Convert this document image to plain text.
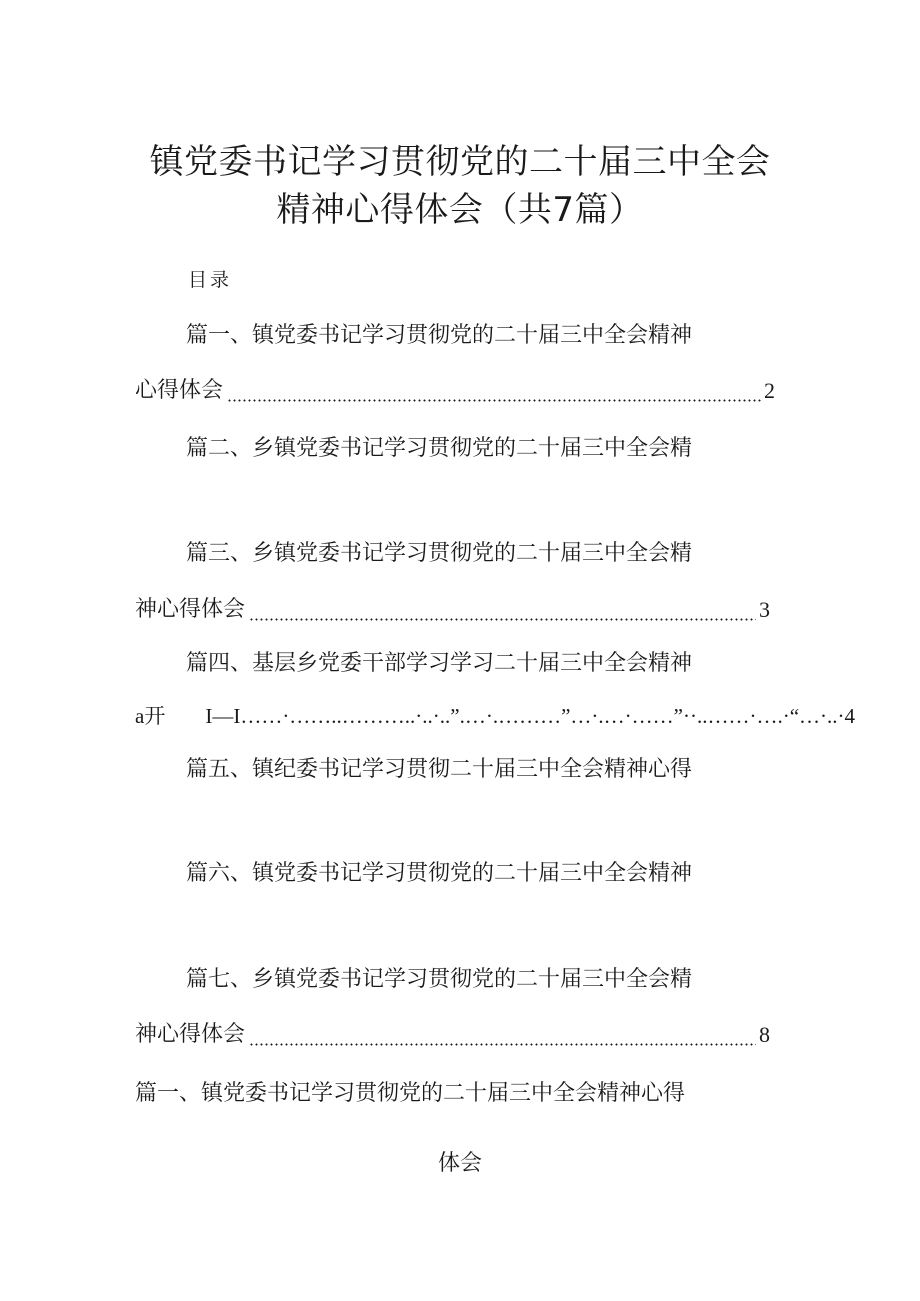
镇党委书记学习贯彻党的二十届三中全会
精神心得体会（共7篇）
目录
篇一、镇党委书记学习贯彻党的二十届三中全会精神
心得体会	2
篇二、乡镇党委书记学习贯彻党的二十届三中全会精
篇三、乡镇党委书记学习贯彻党的二十届三中全会精
神心得体会	3
篇四、基层乡党委干部学习学习二十届三中全会精神
a开 I—I……·……..………..·..·..”.…·.………”…·.…·……”··..……·….·“…·..· 4
篇五、镇纪委书记学习贯彻二十届三中全会精神心得
篇六、镇党委书记学习贯彻党的二十届三中全会精神
篇七、乡镇党委书记学习贯彻党的二十届三中全会精
神心得体会	8
篇一、镇党委书记学习贯彻党的二十届三中全会精神心得
体会
